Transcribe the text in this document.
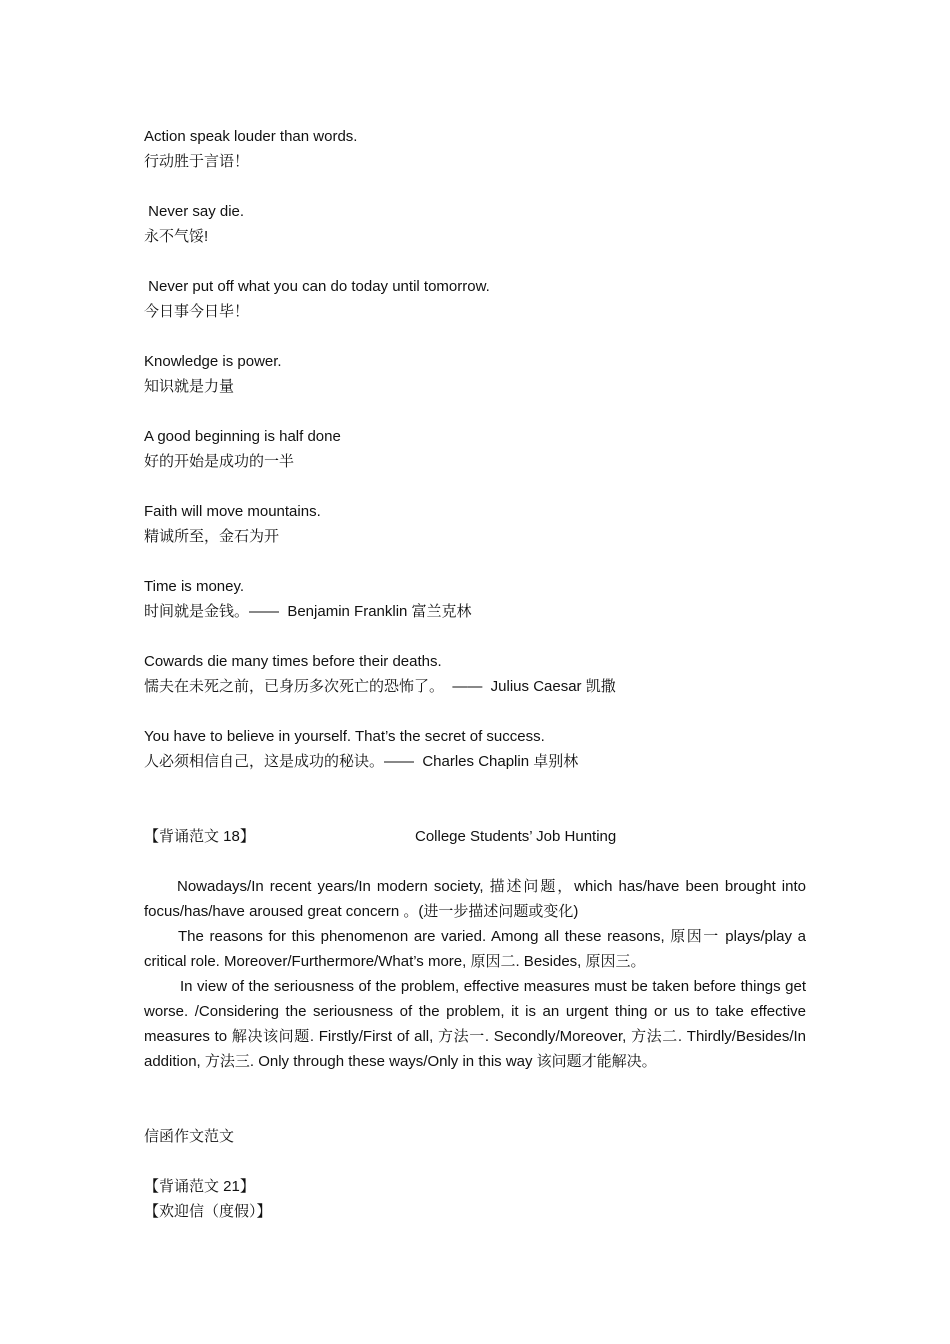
Action speak louder than words.
行动胜于言语！
Never say die.
永不气馁!
Never put off what you can do today until tomorrow.
今日事今日毕！
Knowledge is power.
知识就是力量
A good beginning is half done
好的开始是成功的一半
Faith will move mountains.
精诚所至，金石为开
Time is money.
时间就是金钱。——  Benjamin Franklin 富兰克林
Cowards die many times before their deaths.
懦夫在未死之前，已身历多次死亡的恐怖了。  ——  Julius Caesar 凯撒
You have to believe in yourself. That’s the secret of success.
人必须相信自己，这是成功的秘诀。——  Charles Chaplin 卓别林
【背诵范文 18】	College Students’ Job Hunting

Nowadays/In recent years/In modern society, 描述问题，which has/have been brought into focus/has/have aroused great concern 。(进一步描述问题或变化)

The reasons for this phenomenon are varied. Among all these reasons, 原因一 plays/play a critical role. Moreover/Furthermore/What’s more, 原因二. Besides, 原因三。

In view of the seriousness of the problem, effective measures must be taken before things get worse. /Considering the seriousness of the problem, it is an urgent thing or us to take effective measures to 解决该问题. Firstly/First of all, 方法一. Secondly/Moreover, 方法二. Thirdly/Besides/In addition, 方法三. Only through these ways/Only in this way 该问题才能解决。

信函作文范文
【背诵范文 21】
【欢迎信（度假）】
